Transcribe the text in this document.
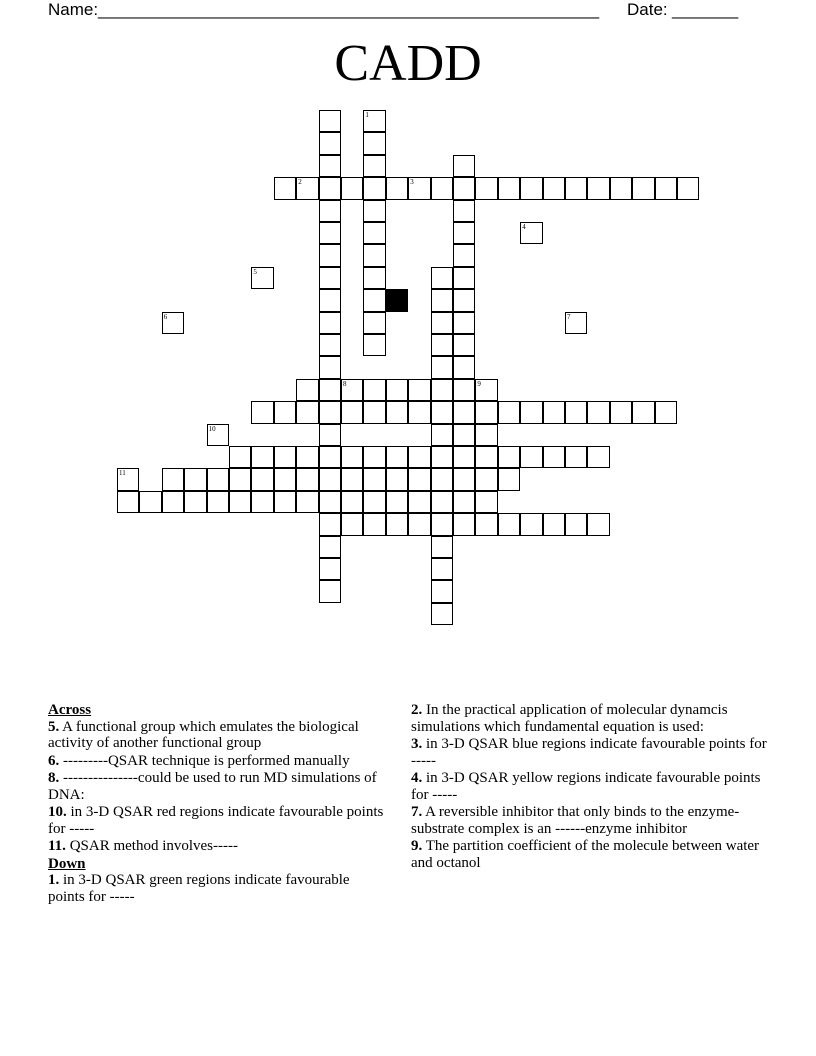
Name: _____________________________________________________ Date: _______
CADD
1
2	3
8	9
4
5
6	7
10
11
Across
5. A functional group which emulates the biological activity of another functional group
6. ---------QSAR technique is performed manually
8. ---------------could be used to run MD simulations of DNA:
10. in 3-D QSAR red regions indicate favourable points for -----
11. QSAR method involves-----
Down
1. in 3-D QSAR green regions indicate favourable points for -----
2. In the practical application of molecular dynamcis simulations which fundamental equation is used:
3. in 3-D QSAR blue regions indicate favourable points for -----
4. in 3-D QSAR yellow regions indicate favourable points for -----
7. A reversible inhibitor that only binds to the enzyme-substrate complex is an ------enzyme inhibitor
9. The partition coefficient of the molecule between water and octanol
